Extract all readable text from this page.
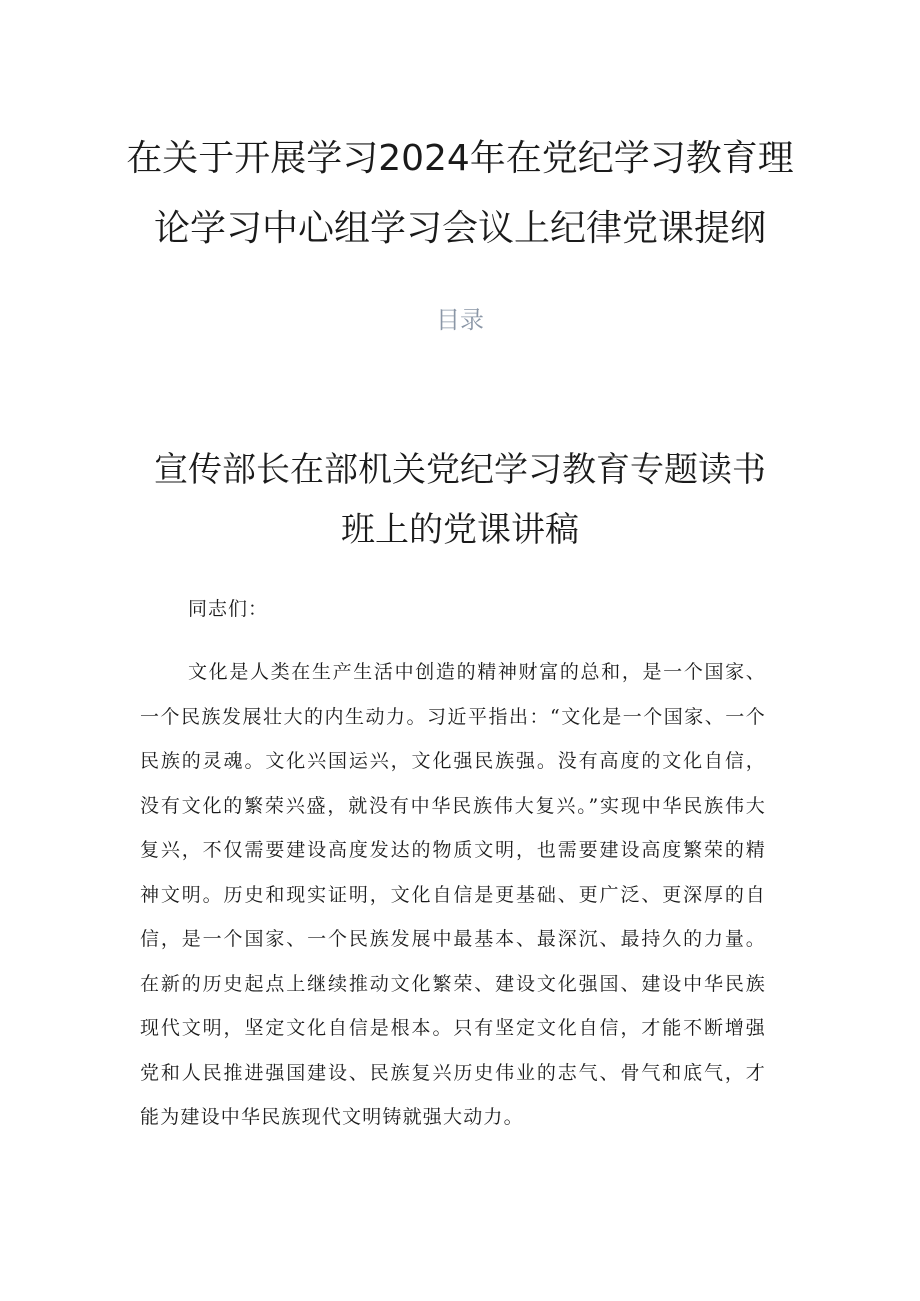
在关于开展学习2024年在党纪学习教育理
论学习中心组学习会议上纪律党课提纲
目录
宣传部长在部机关党纪学习教育专题读书
班上的党课讲稿

同志们：

文化是人类在生产生活中创造的精神财富的总和，是一个国家、一个民族发展壮大的内生动力。习近平指出：“文化是一个国家、一个民族的灵魂。文化兴国运兴，文化强民族强。没有高度的文化自信，没有文化的繁荣兴盛，就没有中华民族伟大复兴。”实现中华民族伟大复兴，不仅需要建设高度发达的物质文明，也需要建设高度繁荣的精神文明。历史和现实证明，文化自信是更基础、更广泛、更深厚的自信，是一个国家、一个民族发展中最基本、最深沉、最持久的力量。在新的历史起点上继续推动文化繁荣、建设文化强国、建设中华民族现代文明，坚定文化自信是根本。只有坚定文化自信，才能不断增强党和人民推进强国建设、民族复兴历史伟业的志气、骨气和底气，才能为建设中华民族现代文明铸就强大动力。
